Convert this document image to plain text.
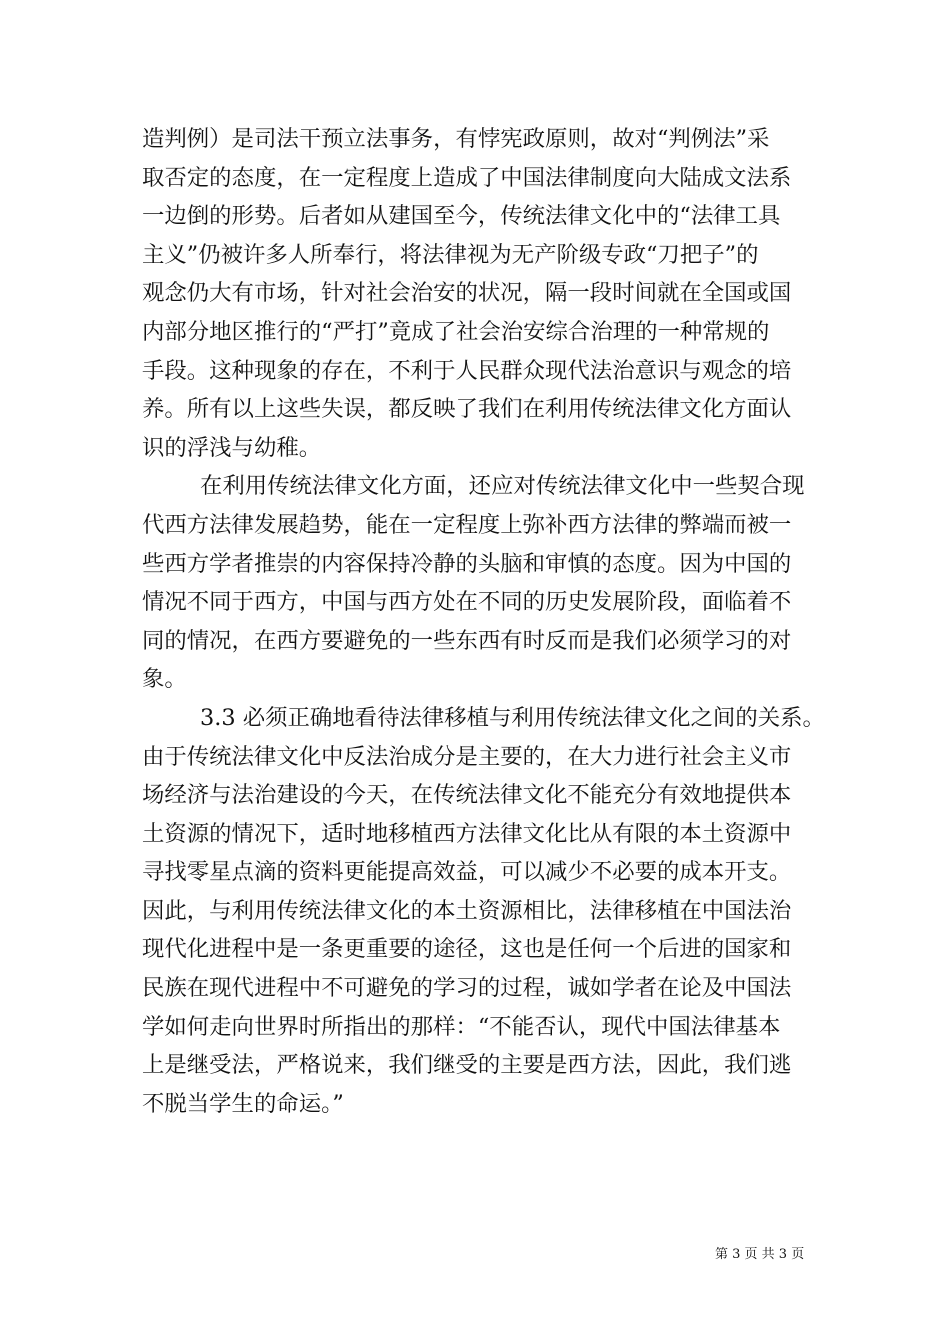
造判例）是司法干预立法事务，有悖宪政原则，故对“判例法”采
取否定的态度，在一定程度上造成了中国法律制度向大陆成文法系
一边倒的形势。后者如从建国至今，传统法律文化中的“法律工具
主义”仍被许多人所奉行，将法律视为无产阶级专政“刀把子”的
观念仍大有市场，针对社会治安的状况，隔一段时间就在全国或国
内部分地区推行的“严打”竟成了社会治安综合治理的一种常规的
手段。这种现象的存在，不利于人民群众现代法治意识与观念的培
养。所有以上这些失误，都反映了我们在利用传统法律文化方面认
识的浮浅与幼稚。
在利用传统法律文化方面，还应对传统法律文化中一些契合现
代西方法律发展趋势，能在一定程度上弥补西方法律的弊端而被一
些西方学者推崇的内容保持冷静的头脑和审慎的态度。因为中国的
情况不同于西方，中国与西方处在不同的历史发展阶段，面临着不
同的情况，在西方要避免的一些东西有时反而是我们必须学习的对
象。
3.3 必须正确地看待法律移植与利用传统法律文化之间的关系。
由于传统法律文化中反法治成分是主要的，在大力进行社会主义市
场经济与法治建设的今天，在传统法律文化不能充分有效地提供本
土资源的情况下，适时地移植西方法律文化比从有限的本土资源中
寻找零星点滴的资料更能提高效益，可以减少不必要的成本开支。
因此，与利用传统法律文化的本土资源相比，法律移植在中国法治
现代化进程中是一条更重要的途径，这也是任何一个后进的国家和
民族在现代进程中不可避免的学习的过程，诚如学者在论及中国法
学如何走向世界时所指出的那样：“不能否认，现代中国法律基本
上是继受法，严格说来，我们继受的主要是西方法，因此，我们逃
不脱当学生的命运。”
第 3 页 共 3 页
